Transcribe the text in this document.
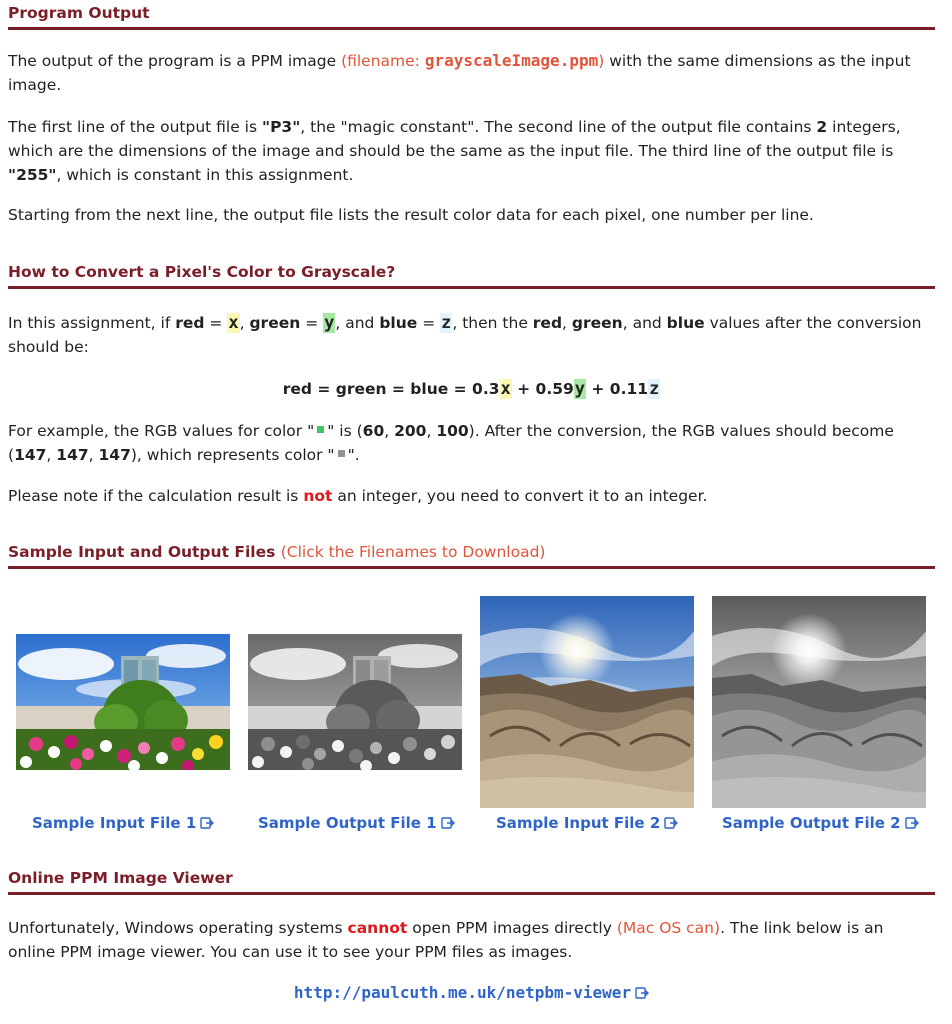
Program Output

The output of the program is a PPM image (filename: grayscaleImage.ppm) with the same dimensions as the input image.

The first line of the output file is "P3", the "magic constant". The second line of the output file contains 2 integers, which are the dimensions of the image and should be the same as the input file. The third line of the output file is "255", which is constant in this assignment.

Starting from the next line, the output file lists the result color data for each pixel, one number per line.

How to Convert a Pixel's Color to Grayscale?

In this assignment, if red = x, green = y, and blue = z, then the red, green, and blue values after the conversion should be:

red = green = blue = 0.3x + 0.59y + 0.11z

For example, the RGB values for color " " is (60, 200, 100). After the conversion, the RGB values should become (147, 147, 147), which represents color " ".

Please note if the calculation result is not an integer, you need to convert it to an integer.

Sample Input and Output Files (Click the Filenames to Download)
Sample Input File 1	Sample Output File 1	Sample Input File 2	Sample Output File 2
Online PPM Image Viewer

Unfortunately, Windows operating systems cannot open PPM images directly (Mac OS can). The link below is an online PPM image viewer. You can use it to see your PPM files as images.

http://paulcuth.me.uk/netpbm-viewer
